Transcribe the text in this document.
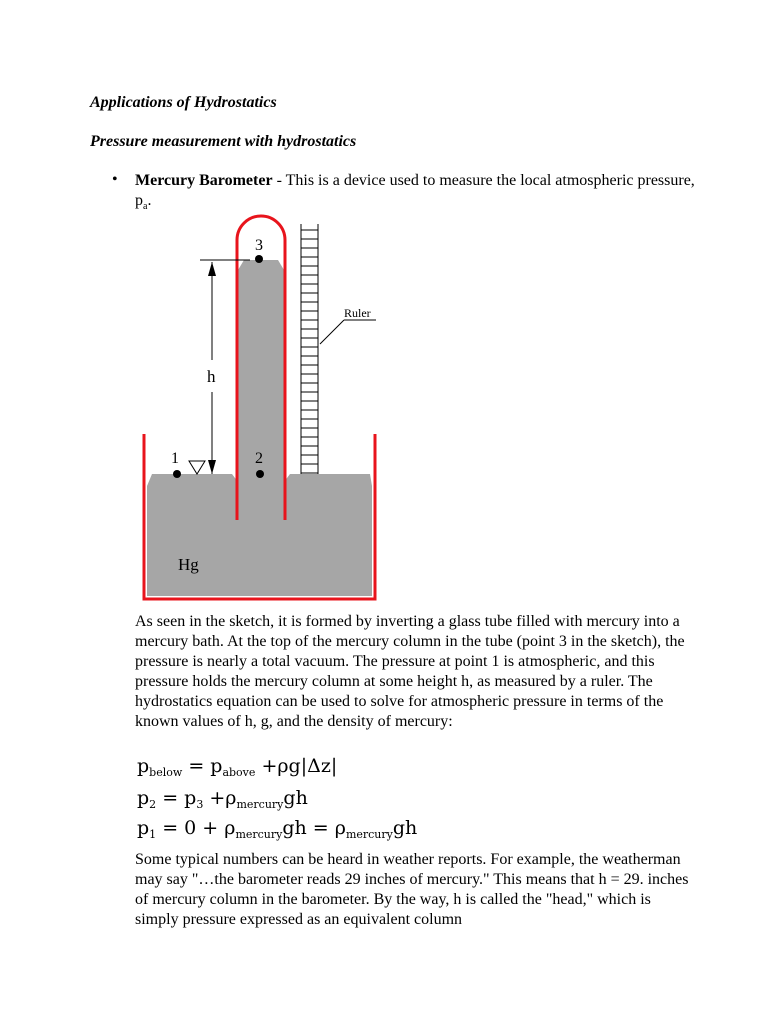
Applications of Hydrostatics
Pressure measurement with hydrostatics
• Mercury Barometer - This is a device used to measure the local atmospheric pressure, $p_a$.
3
2
1
h
Ruler
Hg
As seen in the sketch, it is formed by inverting a glass tube filled with mercury into a mercury bath. At the top of the mercury column in the tube (point 3 in the sketch), the pressure is nearly a total vacuum. The pressure at point 1 is atmospheric, and this pressure holds the mercury column at some height h, as measured by a ruler. The hydrostatics equation can be used to solve for atmospheric pressure in terms of the known values of h, g, and the density of mercury:
$p_{below} = p_{above} +\rho g|\Delta z|$
$p_2 = p_3 +\rho_{mercury}gh$
$p_1 = 0 + \rho_{mercury}gh = \rho_{mercury}gh$
Some typical numbers can be heard in weather reports. For example, the weatherman may say "…the barometer reads 29 inches of mercury." This means that h = 29. inches of mercury column in the barometer. By the way, h is called the "head," which is simply pressure expressed as an equivalent column
